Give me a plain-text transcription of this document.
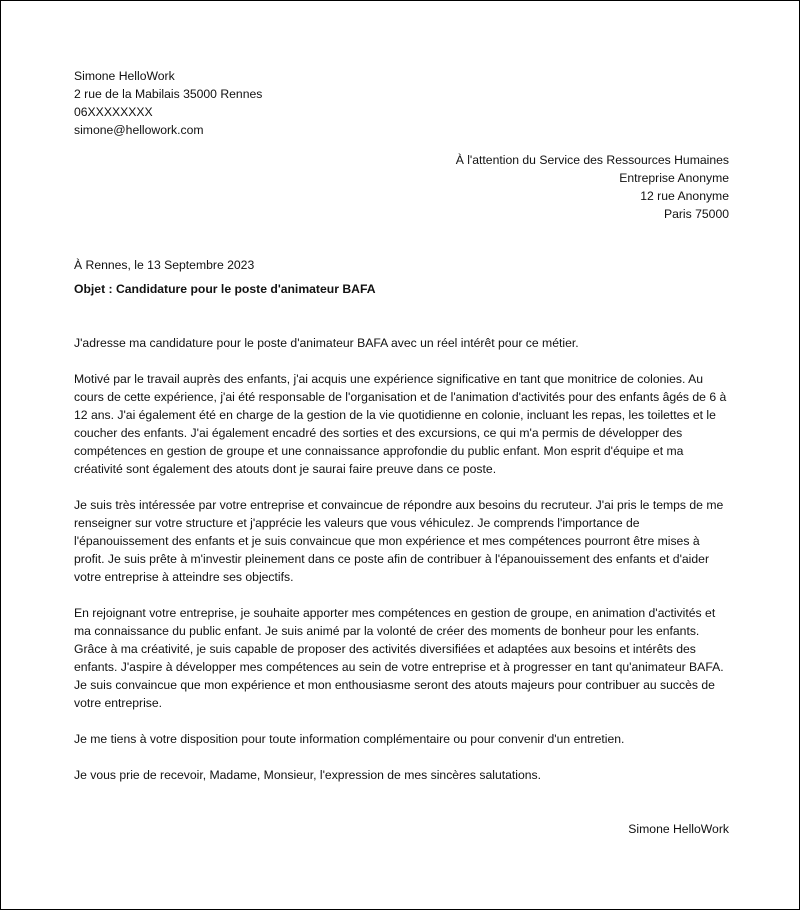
Simone HelloWork
2 rue de la Mabilais 35000 Rennes
06XXXXXXXX
simone@hellowork.com
À l'attention du Service des Ressources Humaines
Entreprise Anonyme
12 rue Anonyme
Paris 75000
À Rennes, le 13 Septembre 2023
Objet : Candidature pour le poste d'animateur BAFA

J'adresse ma candidature pour le poste d'animateur BAFA avec un réel intérêt pour ce métier.

Motivé par le travail auprès des enfants, j'ai acquis une expérience significative en tant que monitrice de colonies. Au cours de cette expérience, j'ai été responsable de l'organisation et de l'animation d'activités pour des enfants âgés de 6 à 12 ans. J'ai également été en charge de la gestion de la vie quotidienne en colonie, incluant les repas, les toilettes et le coucher des enfants. J'ai également encadré des sorties et des excursions, ce qui m'a permis de développer des compétences en gestion de groupe et une connaissance approfondie du public enfant. Mon esprit d'équipe et ma créativité sont également des atouts dont je saurai faire preuve dans ce poste.

Je suis très intéressée par votre entreprise et convaincue de répondre aux besoins du recruteur. J'ai pris le temps de me renseigner sur votre structure et j'apprécie les valeurs que vous véhiculez. Je comprends l'importance de l'épanouissement des enfants et je suis convaincue que mon expérience et mes compétences pourront être mises à profit. Je suis prête à m'investir pleinement dans ce poste afin de contribuer à l'épanouissement des enfants et d'aider votre entreprise à atteindre ses objectifs.

En rejoignant votre entreprise, je souhaite apporter mes compétences en gestion de groupe, en animation d'activités et ma connaissance du public enfant. Je suis animé par la volonté de créer des moments de bonheur pour les enfants. Grâce à ma créativité, je suis capable de proposer des activités diversifiées et adaptées aux besoins et intérêts des enfants. J'aspire à développer mes compétences au sein de votre entreprise et à progresser en tant qu'animateur BAFA. Je suis convaincue que mon expérience et mon enthousiasme seront des atouts majeurs pour contribuer au succès de votre entreprise.

Je me tiens à votre disposition pour toute information complémentaire ou pour convenir d'un entretien.

Je vous prie de recevoir, Madame, Monsieur, l'expression de mes sincères salutations.

Simone HelloWork
